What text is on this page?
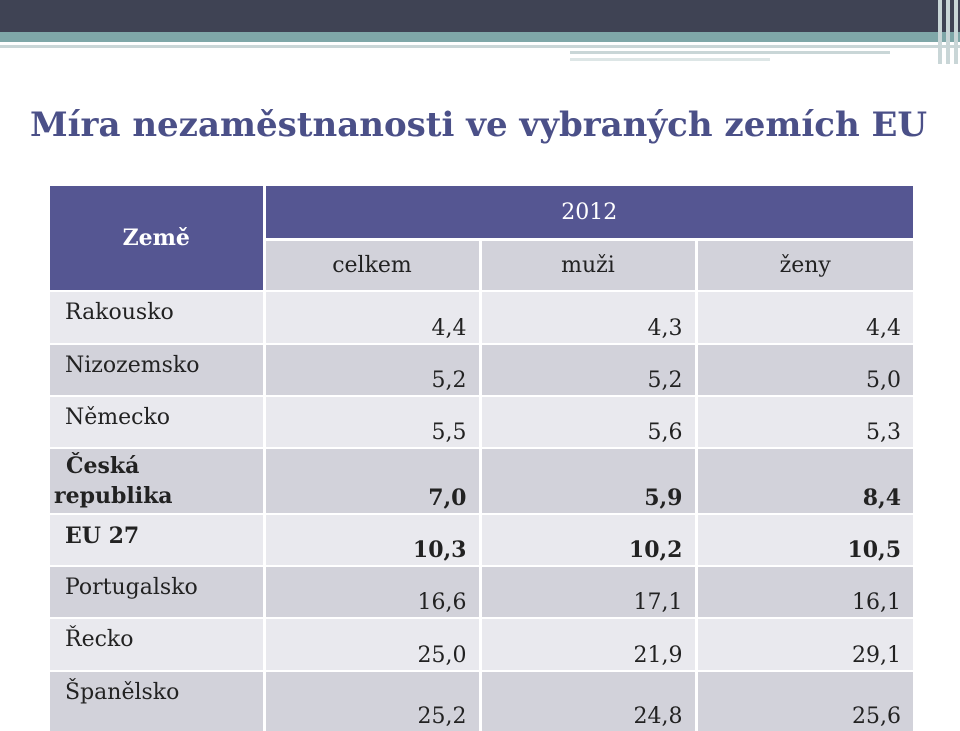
Míra nezaměstnanosti ve vybraných zemích EU
Země	2012		
	celkem	muži	ženy
Rakousko	4,4	4,3	4,4
Nizozemsko	5,2	5,2	5,0
Německo	5,5	5,6	5,3

Česká
republika	7,0	5,9	8,4
EU 27	10,3	10,2	10,5
Portugalsko	16,6	17,1	16,1
Řecko	25,0	21,9	29,1
Španělsko	25,2	24,8	25,6
